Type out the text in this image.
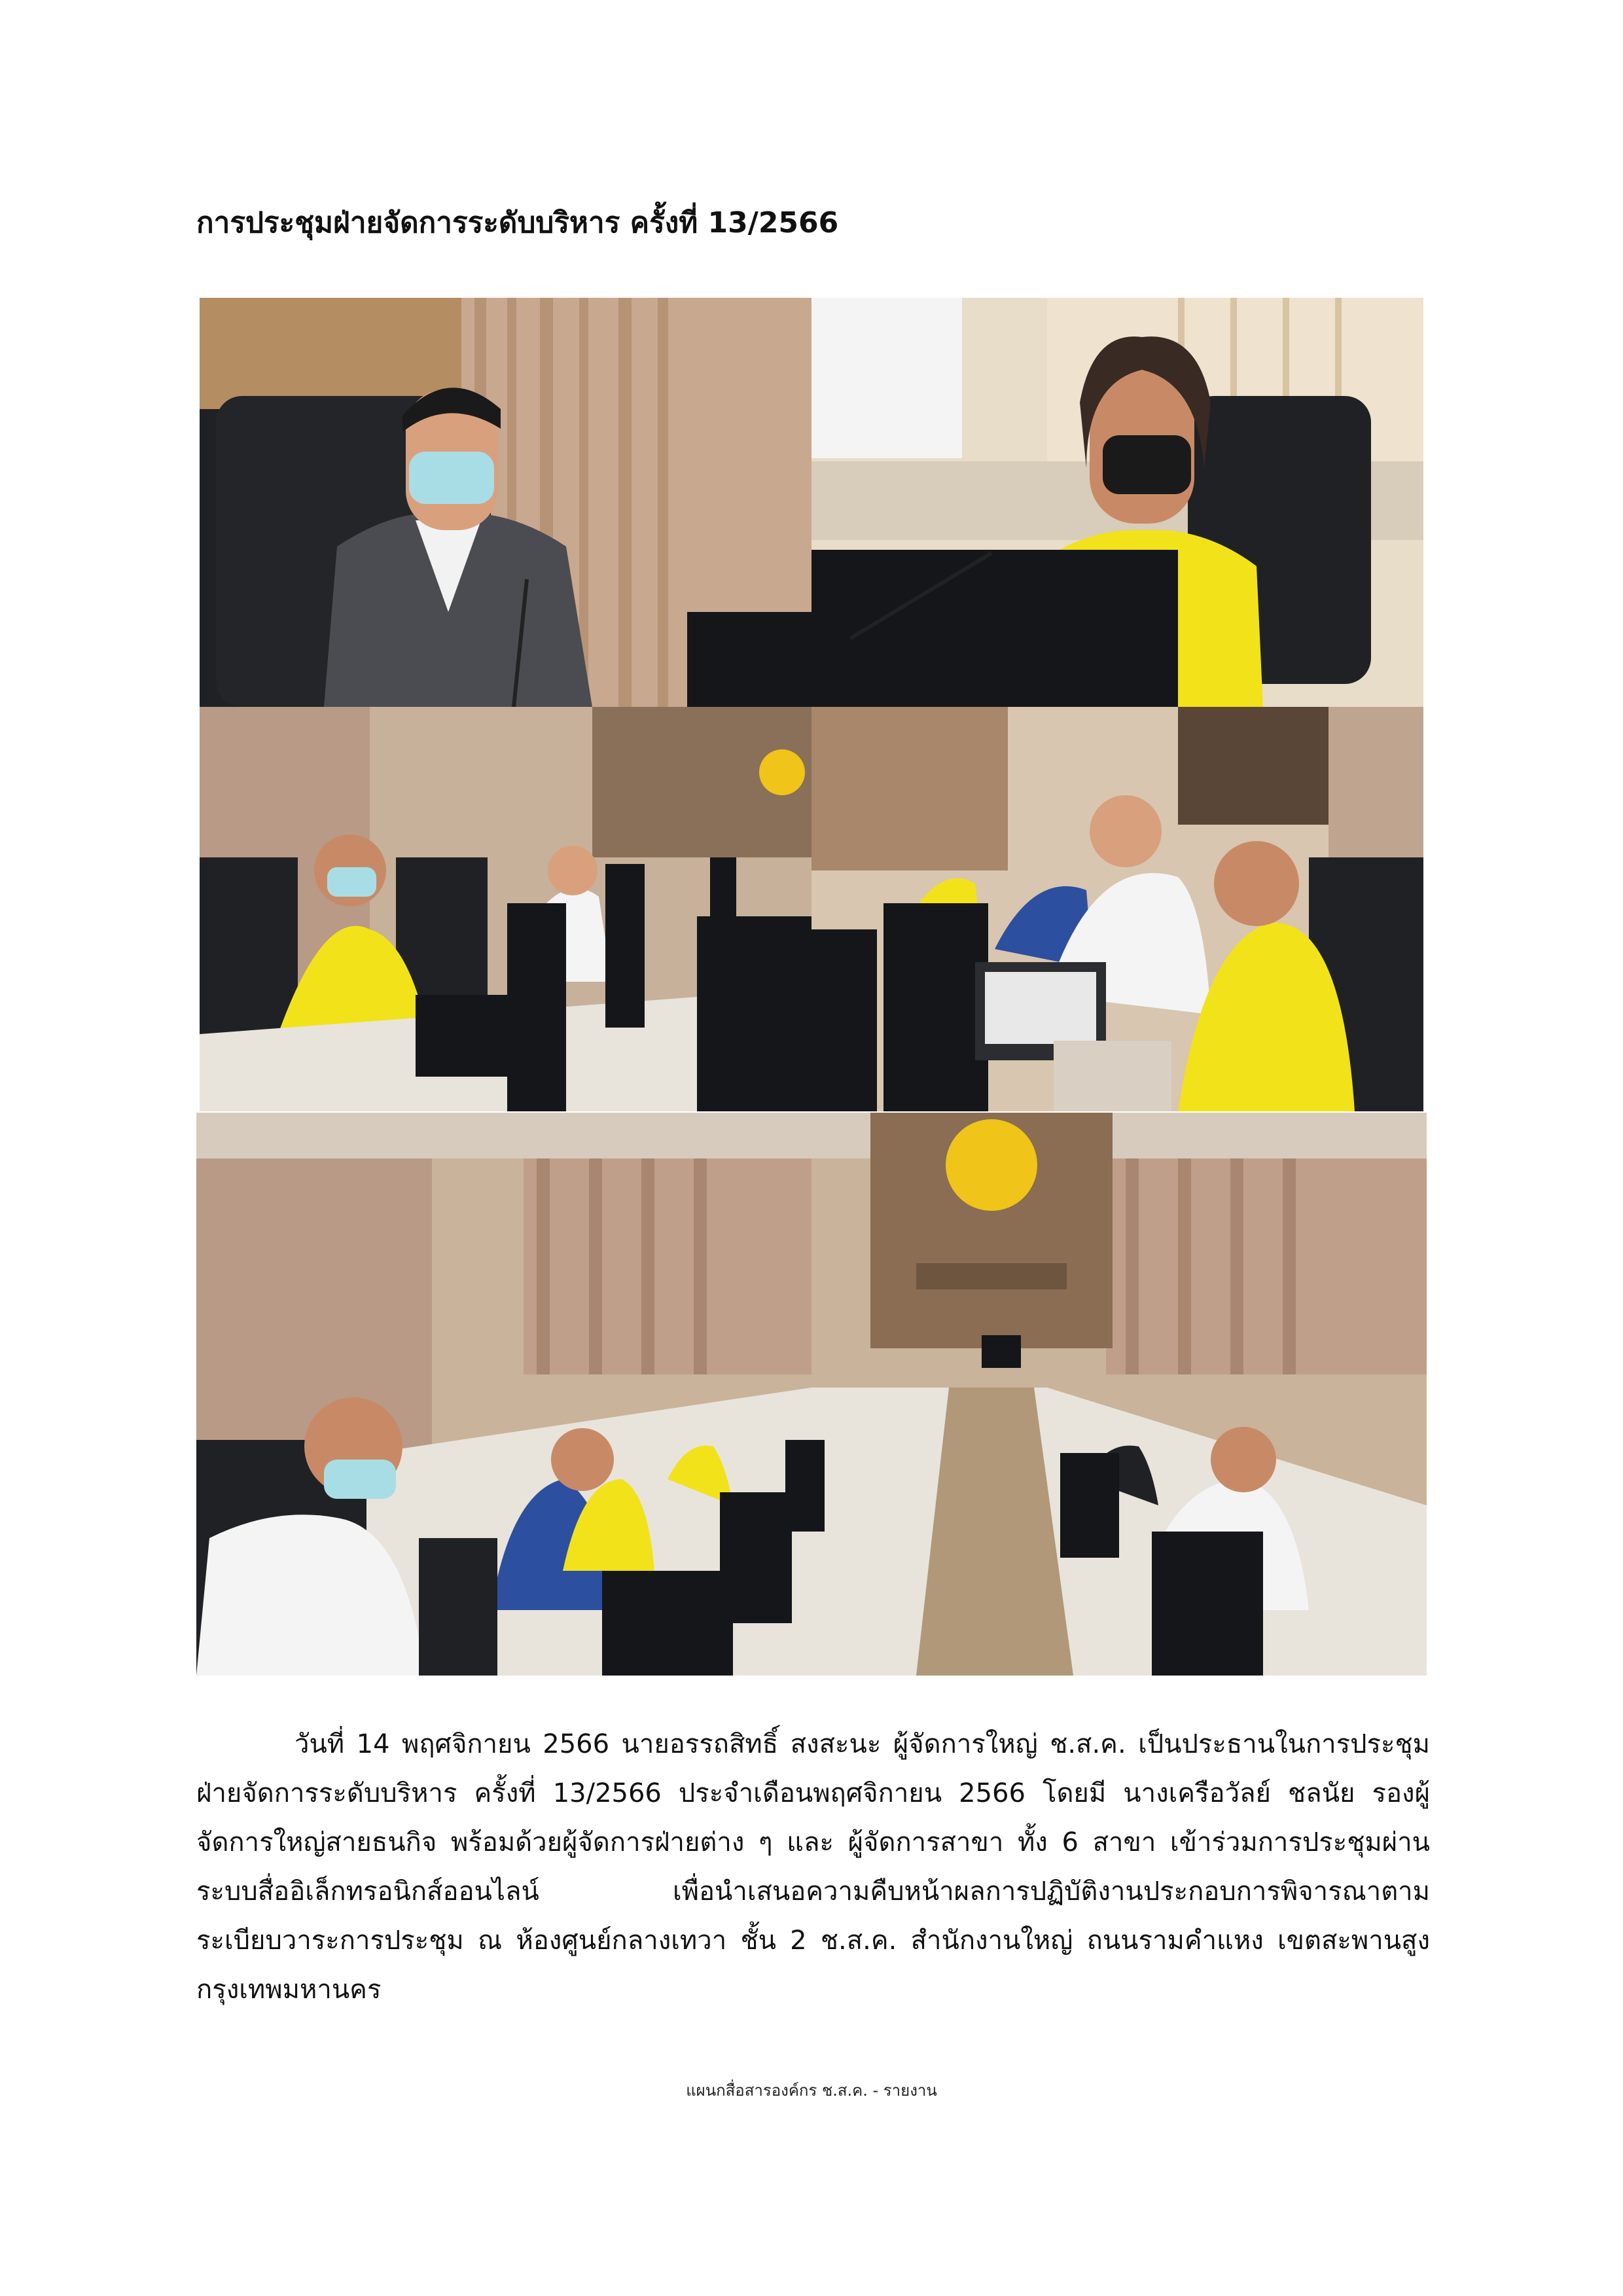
การประชุมฝ่ายจัดการระดับบริหาร ครั้งที่ 13/2566

วันที่ 14 พฤศจิกายน 2566 นายอรรถสิทธิ์ สงสะนะ ผู้จัดการใหญ่ ช.ส.ค. เป็นประธานในการประชุมฝ่ายจัดการระดับบริหาร ครั้งที่ 13/2566 ประจำเดือนพฤศจิกายน 2566 โดยมี นางเครือวัลย์ ชลนัย รองผู้จัดการใหญ่สายธนกิจ พร้อมด้วยผู้จัดการฝ่ายต่าง ๆ และ ผู้จัดการสาขา ทั้ง 6 สาขา เข้าร่วมการประชุมผ่านระบบสื่ออิเล็กทรอนิกส์ออนไลน์ เพื่อนำเสนอความคืบหน้าผลการปฏิบัติงานประกอบการพิจารณาตามระเบียบวาระการประชุม ณ ห้องศูนย์กลางเทวา ชั้น 2 ช.ส.ค. สำนักงานใหญ่ ถนนรามคำแหง เขตสะพานสูง กรุงเทพมหานคร

แผนกสื่อสารองค์กร ช.ส.ค. - รายงาน
